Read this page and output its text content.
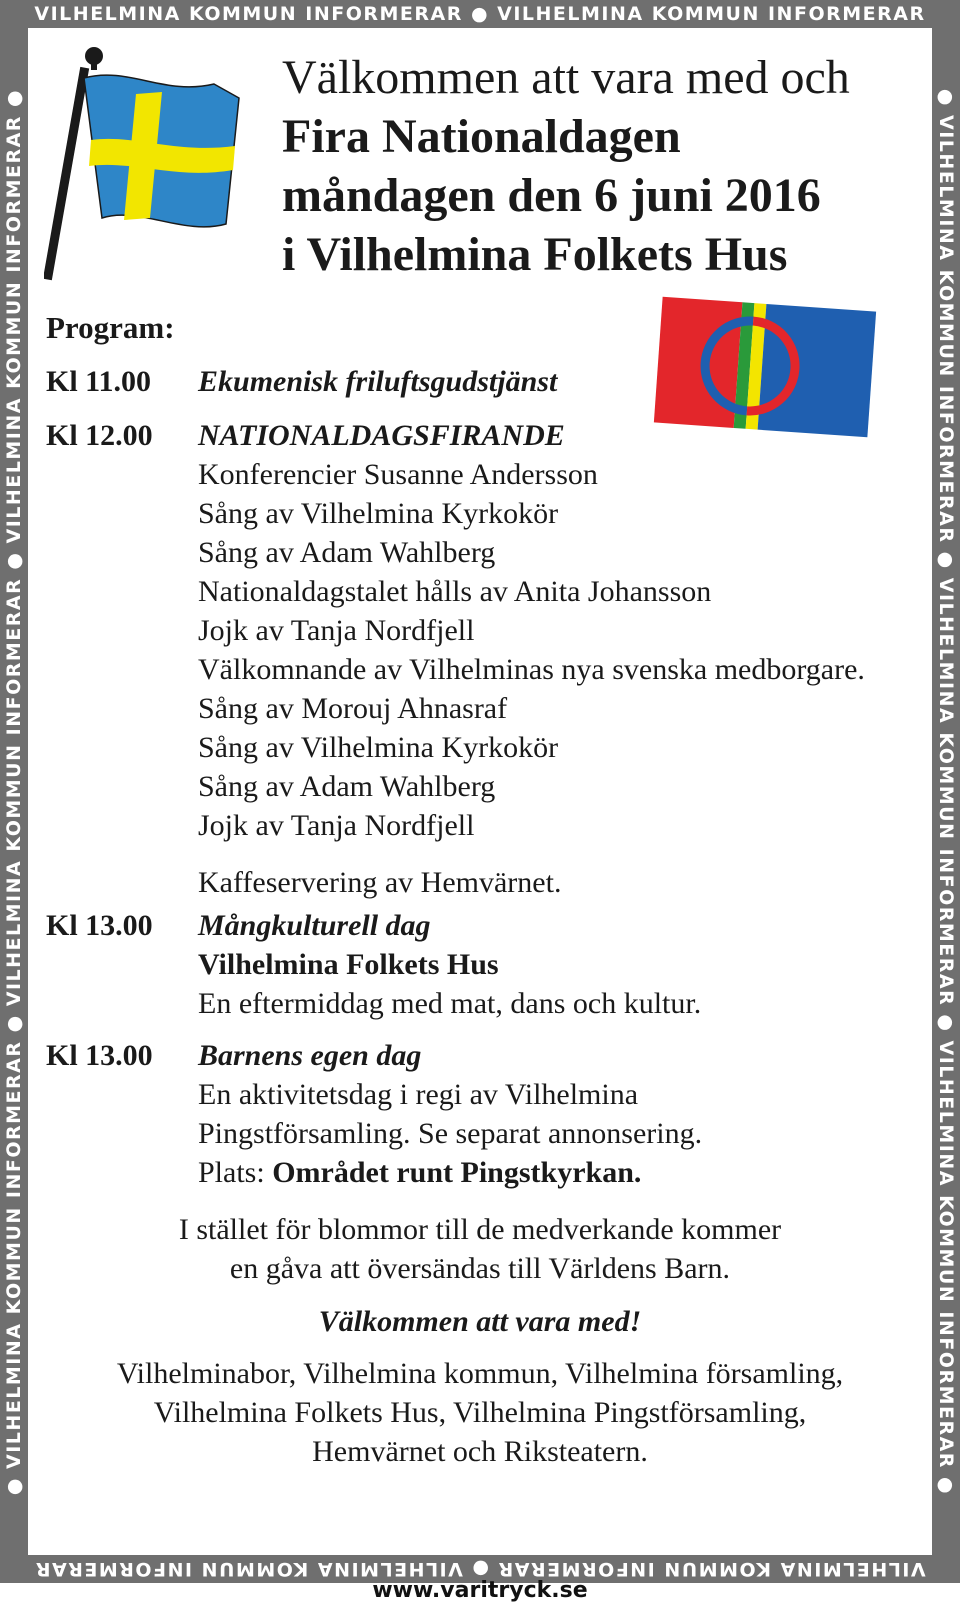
VILHELMINA KOMMUN INFORMERAR ● VILHELMINA KOMMUN INFORMERAR
● VILHELMINA KOMMUN INFORMERAR ● VILHELMINA KOMMUN INFORMERAR ● VILHELMINA KOMMUN INFORMERAR ●	● VILHELMINA KOMMUN INFORMERAR ● VILHELMINA KOMMUN INFORMERAR ● VILHELMINA KOMMUN INFORMERAR ●
VILHELMINA KOMMUN INFORMERAR ● VILHELMINA KOMMUN INFORMERAR
Välkommen att vara med och
Fira Nationaldagen
måndagen den 6 juni 2016
i Vilhelmina Folkets Hus
Program:
Kl 11.00 Ekumenisk friluftsgudstjänst
Kl 12.00 NATIONALDAGSFIRANDE
Konferencier Susanne Andersson
Sång av Vilhelmina Kyrkokör
Sång av Adam Wahlberg
Nationaldagstalet hålls av Anita Johansson
Jojk av Tanja Nordfjell
Välkomnande av Vilhelminas nya svenska medborgare.
Sång av Morouj Ahnasraf
Sång av Vilhelmina Kyrkokör
Sång av Adam Wahlberg
Jojk av Tanja Nordfjell
Kaffeservering av Hemvärnet.
Kl 13.00 Mångkulturell dag
Vilhelmina Folkets Hus
En eftermiddag med mat, dans och kultur.
Kl 13.00 Barnens egen dag
En aktivitetsdag i regi av Vilhelmina
Pingstförsamling. Se separat annonsering.
Plats: Området runt Pingstkyrkan.
I stället för blommor till de medverkande kommer
en gåva att översändas till Världens Barn.
Välkommen att vara med!
Vilhelminabor, Vilhelmina kommun, Vilhelmina församling,
Vilhelmina Folkets Hus, Vilhelmina Pingstförsamling,
Hemvärnet och Riksteatern.
www.varitryck.se
